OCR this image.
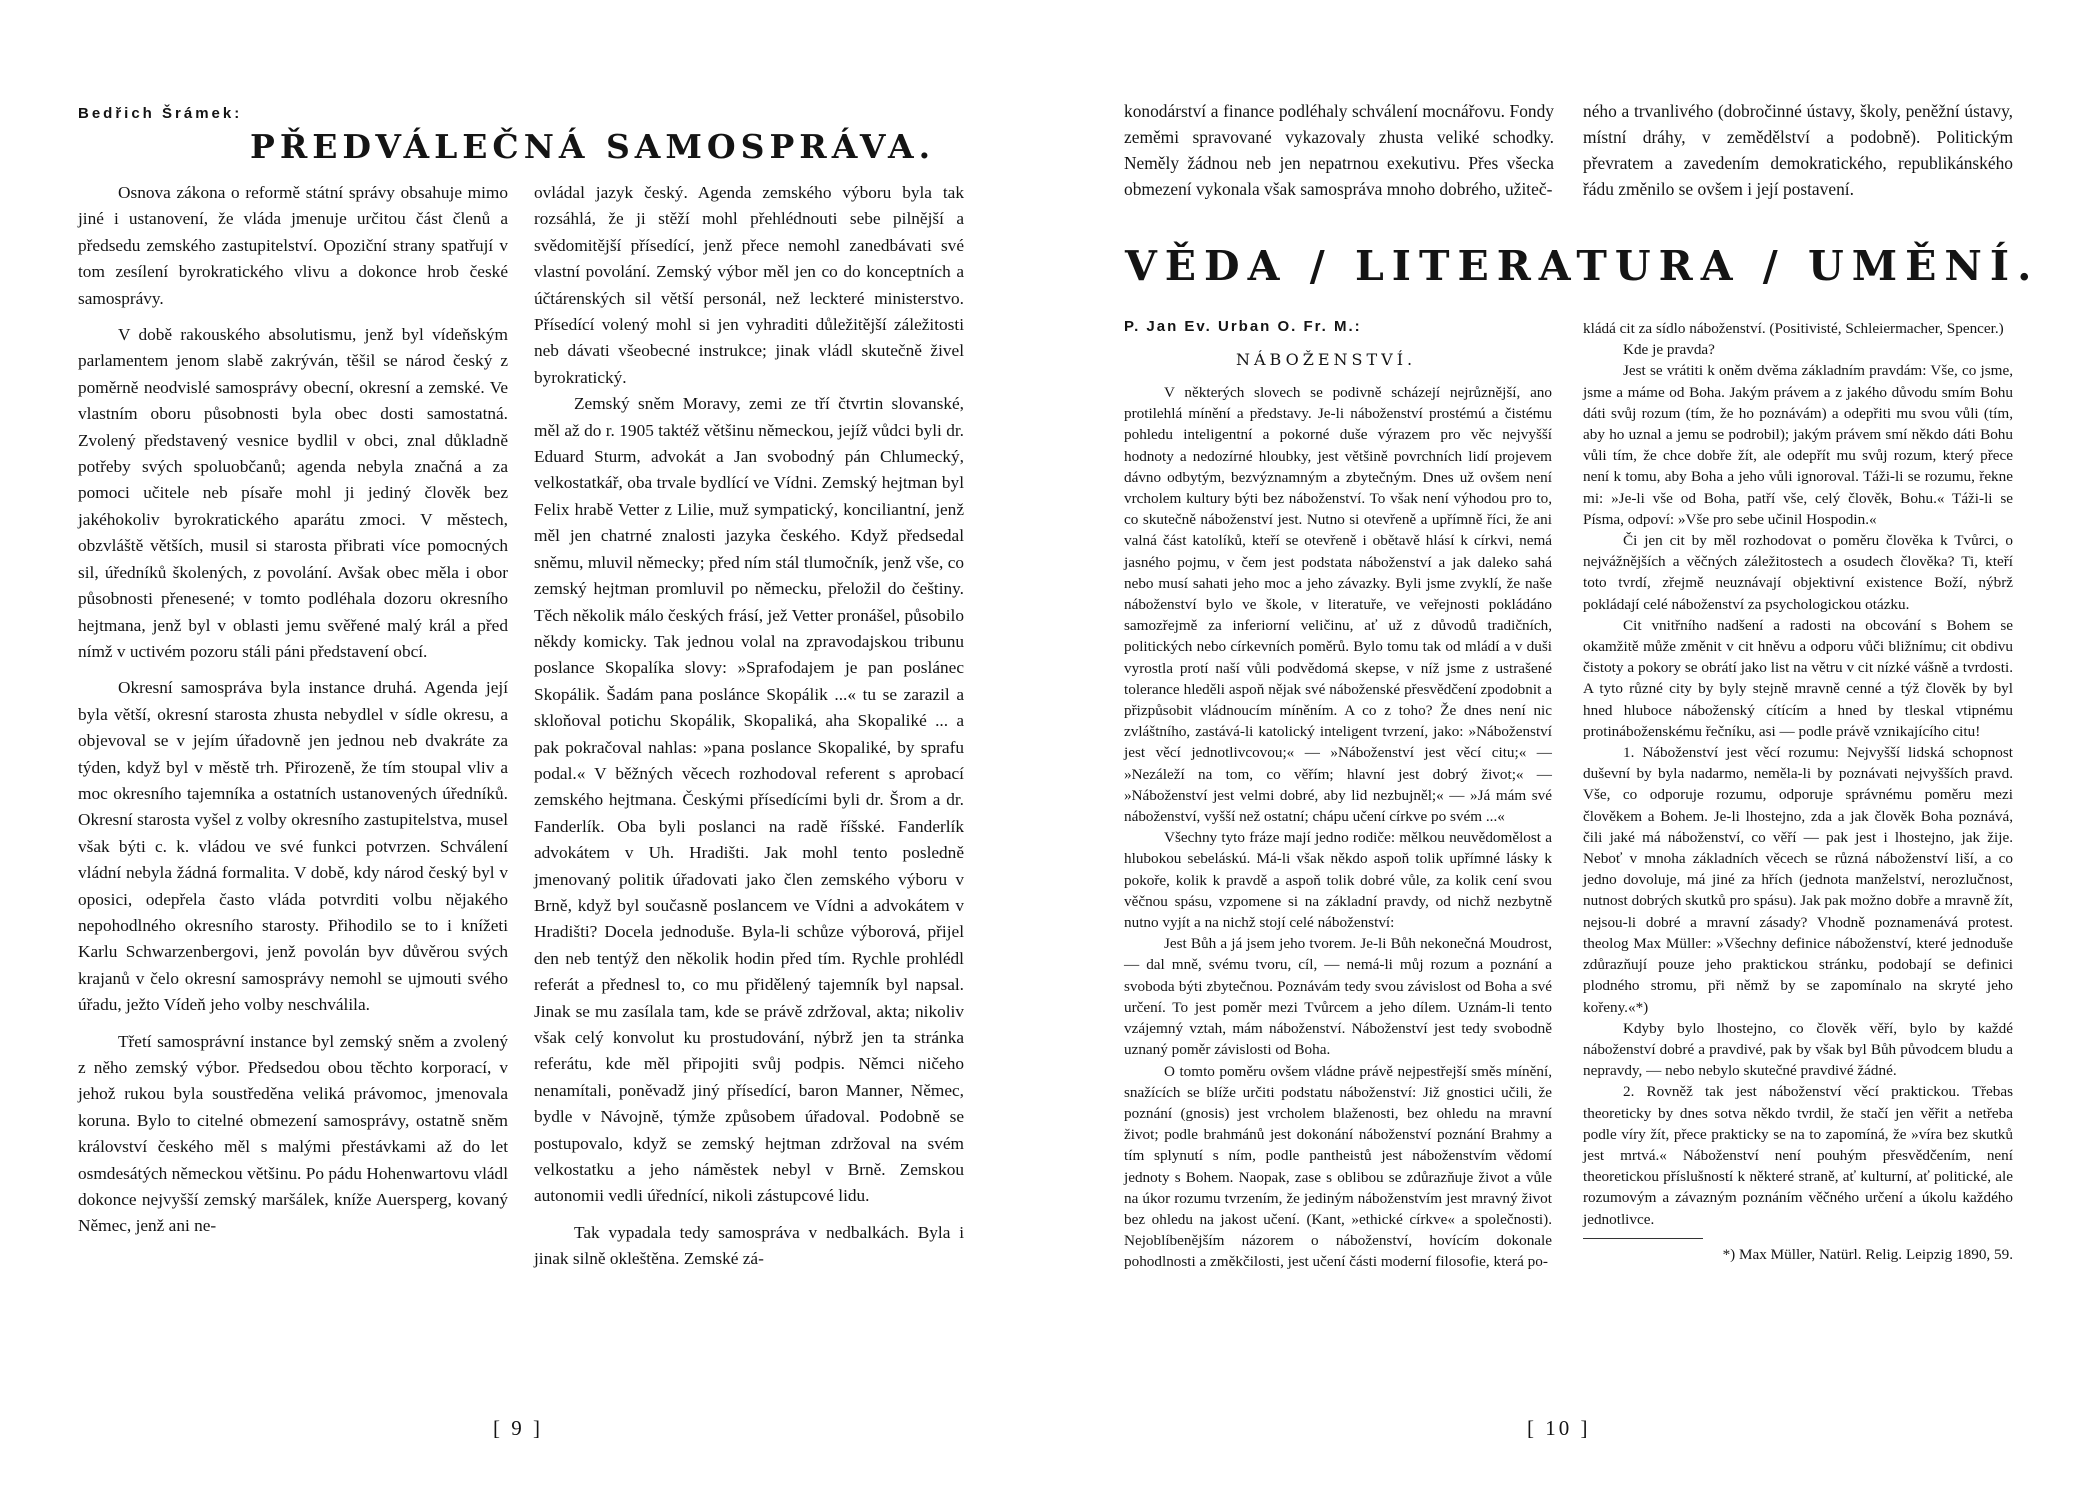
Bedřich Šrámek:
PŘEDVÁLEČNÁ SAMOSPRÁVA.

Osnova zákona o reformě státní správy obsahuje mimo jiné i ustanovení, že vláda jmenuje určitou část členů a předsedu zemského zastupitelství. Opoziční strany spatřují v tom zesílení byrokratického vlivu a dokonce hrob české samosprávy.

V době rakouského absolutismu, jenž byl vídeňským parlamentem jenom slabě zakrýván, těšil se národ český z poměrně neodvislé samosprávy obecní, okresní a zemské. Ve vlastním oboru působnosti byla obec dosti samostatná. Zvolený představený vesnice bydlil v obci, znal důkladně potřeby svých spoluobčanů; agenda nebyla značná a za pomoci učitele neb písaře mohl ji jediný člověk bez jakéhokoliv byrokratického aparátu zmoci. V městech, obzvláště větších, musil si starosta přibrati více pomocných sil, úředníků školených, z povolání. Avšak obec měla i obor působnosti přenesené; v tomto podléhala dozoru okresního hejtmana, jenž byl v oblasti jemu svěřené malý král a před nímž v uctivém pozoru stáli páni představení obcí.

Okresní samospráva byla instance druhá. Agenda její byla větší, okresní starosta zhusta nebydlel v sídle okresu, a objevoval se v jejím úřadovně jen jednou neb dvakráte za týden, když byl v městě trh. Přirozeně, že tím stoupal vliv a moc okresního tajemníka a ostatních ustanovených úředníků. Okresní starosta vyšel z volby okresního zastupitelstva, musel však býti c. k. vládou ve své funkci potvrzen. Schválení vládní nebyla žádná formalita. V době, kdy národ český byl v oposici, odepřela často vláda potvrditi volbu nějakého nepohodlného okresního starosty. Přihodilo se to i knížeti Karlu Schwarzenbergovi, jenž povolán byv důvěrou svých krajanů v čelo okresní samosprávy nemohl se ujmouti svého úřadu, ježto Vídeň jeho volby neschválila.

Třetí samosprávní instance byl zemský sněm a zvolený z něho zemský výbor. Předsedou obou těchto korporací, v jehož rukou byla soustředěna veliká právomoc, jmenovala koruna. Bylo to citelné obmezení samosprávy, ostatně sněm království českého měl s malými přestávkami až do let osmdesátých německou většinu. Po pádu Hohenwartovu vládl dokonce nejvyšší zemský maršálek, kníže Auersperg, kovaný Němec, jenž ani ne-

ovládal jazyk český. Agenda zemského výboru byla tak rozsáhlá, že ji stěží mohl přehlédnouti sebe pilnější a svědomitější přísedící, jenž přece nemohl zanedbávati své vlastní povolání. Zemský výbor měl jen co do konceptních a účtárenských sil větší personál, než leckteré ministerstvo. Přísedící volený mohl si jen vyhraditi důležitější záležitosti neb dávati všeobecné instrukce; jinak vládl skutečně živel byrokratický.

Zemský sněm Moravy, zemi ze tří čtvrtin slovanské, měl až do r. 1905 taktéž většinu německou, jejíž vůdci byli dr. Eduard Sturm, advokát a Jan svobodný pán Chlumecký, velkostatkář, oba trvale bydlící ve Vídni. Zemský hejtman byl Felix hrabě Vetter z Lilie, muž sympatický, konciliantní, jenž měl jen chatrné znalosti jazyka českého. Když předsedal sněmu, mluvil německy; před ním stál tlumočník, jenž vše, co zemský hejtman promluvil po německu, přeložil do češtiny. Těch několik málo českých frásí, jež Vetter pronášel, působilo někdy komicky. Tak jednou volal na zpravodajskou tribunu poslance Skopalíka slovy: »Sprafodajem je pan poslánec Skopálik. Šadám pana poslánce Skopálik ...« tu se zarazil a skloňoval potichu Skopálik, Skopaliká, aha Skopaliké ... a pak pokračoval nahlas: »pana poslance Skopaliké, by sprafu podal.« V běžných věcech rozhodoval referent s aprobací zemského hejtmana. Českými přísedícími byli dr. Šrom a dr. Fanderlík. Oba byli poslanci na radě říšské. Fanderlík advokátem v Uh. Hradišti. Jak mohl tento posledně jmenovaný politik úřadovati jako člen zemského výboru v Brně, když byl současně poslancem ve Vídni a advokátem v Hradišti? Docela jednoduše. Byla-li schůze výborová, přijel den neb tentýž den několik hodin před tím. Rychle prohlédl referát a přednesl to, co mu přidělený tajemník byl napsal. Jinak se mu zasílala tam, kde se právě zdržoval, akta; nikoliv však celý konvolut ku prostudování, nýbrž jen ta stránka referátu, kde měl připojiti svůj podpis. Němci ničeho nenamítali, poněvadž jiný přísedící, baron Manner, Němec, bydle v Návojně, týmže způsobem úřadoval. Podobně se postupovalo, když se zemský hejtman zdržoval na svém velkostatku a jeho náměstek nebyl v Brně. Zemskou autonomii vedli úřednící, nikoli zástupcové lidu.

Tak vypadala tedy samospráva v nedbalkách. Byla i jinak silně okleštěna. Zemské zá-

[ 9 ]

konodárství a finance podléhaly schválení mocnářovu. Fondy zeměmi spravované vykazovaly zhusta veliké schodky. Neměly žádnou neb jen nepatrnou exekutivu. Přes všecka obmezení vykonala však samospráva mnoho dobrého, užiteč-

ného a trvanlivého (dobročinné ústavy, školy, peněžní ústavy, místní dráhy, v zemědělství a podobně). Politickým převratem a zavedením demokratického, republikánského řádu změnilo se ovšem i její postavení.

VĚDA / LITERATURA / UMĚNÍ.
P. Jan Ev. Urban O. Fr. M.:
NÁBOŽENSTVÍ.

V některých slovech se podivně scházejí nejrůznější, ano protilehlá mínění a představy. Je-li náboženství prostémú a čistému pohledu inteligentní a pokorné duše výrazem pro věc nejvyšší hodnoty a nedozírné hloubky, jest většině povrchních lidí projevem dávno odbytým, bezvýznamným a zbytečným. Dnes už ovšem není vrcholem kultury býti bez náboženství. To však není výhodou pro to, co skutečně náboženství jest. Nutno si otevřeně a upřímně říci, že ani valná část katolíků, kteří se otevřeně i obětavě hlásí k církvi, nemá jasného pojmu, v čem jest podstata náboženství a jak daleko sahá nebo musí sahati jeho moc a jeho závazky. Byli jsme zvyklí, že naše náboženství bylo ve škole, v literatuře, ve veřejnosti pokládáno samozřejmě za inferiorní veličinu, ať už z důvodů tradičních, politických nebo církevních poměrů. Bylo tomu tak od mládí a v duši vyrostla protí naší vůli podvědomá skepse, v níž jsme z ustrašené tolerance hleděli aspoň nějak své náboženské přesvědčení zpodobnit a přizpůsobit vládnoucím míněním. A co z toho? Že dnes není nic zvláštního, zastává-li katolický inteligent tvrzení, jako: »Náboženství jest věcí jednotlivcovou;« — »Náboženství jest věcí citu;« — »Nezáleží na tom, co věřím; hlavní jest dobrý život;« — »Náboženství jest velmi dobré, aby lid nezbujněl;« — »Já mám své náboženství, vyšší než ostatní; chápu učení církve po svém ...«

Všechny tyto fráze mají jedno rodiče: mělkou neuvědomělost a hlubokou sebeláskú. Má-li však někdo aspoň tolik upřímné lásky k pokoře, kolik k pravdě a aspoň tolik dobré vůle, za kolik cení svou věčnou spásu, vzpomene si na základní pravdy, od nichž nezbytně nutno vyjít a na nichž stojí celé náboženství:

Jest Bůh a já jsem jeho tvorem. Je-li Bůh nekonečná Moudrost, — dal mně, svému tvoru, cíl, — nemá-li můj rozum a poznání a svoboda býti zbytečnou. Poznávám tedy svou závislost od Boha a své určení. To jest poměr mezi Tvůrcem a jeho dílem. Uznám-li tento vzájemný vztah, mám náboženství. Náboženství jest tedy svobodně uznaný poměr závislosti od Boha.

O tomto poměru ovšem vládne právě nejpestřejší směs mínění, snažících se blíže určiti podstatu náboženství: Již gnostici učili, že poznání (gnosis) jest vrcholem blaženosti, bez ohledu na mravní život; podle brahmánů jest dokonání náboženství poznání Brahmy a tím splynutí s ním, podle pantheistů jest náboženstvím vědomí jednoty s Bohem. Naopak, zase s oblibou se zdůrazňuje život a vůle na úkor rozumu tvrzením, že jediným náboženstvím jest mravný život bez ohledu na jakost učení. (Kant, »ethické církve« a společnosti). Nejoblíbenějším názorem o náboženství, hovícím dokonale pohodlnosti a změkčilosti, jest učení části moderní filosofie, která po-

kládá cit za sídlo náboženství. (Positivisté, Schleiermacher, Spencer.)

Kde je pravda?

Jest se vrátiti k oněm dvěma základním pravdám: Vše, co jsme, jsme a máme od Boha. Jakým právem a z jakého důvodu smím Bohu dáti svůj rozum (tím, že ho poznávám) a odepřiti mu svou vůli (tím, aby ho uznal a jemu se podrobil); jakým právem smí někdo dáti Bohu vůli tím, že chce dobře žít, ale odepřít mu svůj rozum, který přece není k tomu, aby Boha a jeho vůli ignoroval. Táži-li se rozumu, řekne mi: »Je-li vše od Boha, patří vše, celý člověk, Bohu.« Táži-li se Písma, odpoví: »Vše pro sebe učinil Hospodin.«

Či jen cit by měl rozhodovat o poměru člověka k Tvůrci, o nejvážnějších a věčných záležitostech a osudech člověka? Ti, kteří toto tvrdí, zřejmě neuznávají objektivní existence Boží, nýbrž pokládají celé náboženství za psychologickou otázku.

Cit vnitřního nadšení a radosti na obcování s Bohem se okamžitě může změnit v cit hněvu a odporu vůči bližnímu; cit obdivu čistoty a pokory se obrátí jako list na větru v cit nízké vášně a tvrdosti. A tyto různé city by byly stejně mravně cenné a týž člověk by byl hned hluboce náboženský cítícím a hned by tleskal vtipnému protináboženskému řečníku, asi — podle právě vznikajícího citu!

1. Náboženství jest věcí rozumu: Nejvyšší lidská schopnost duševní by byla nadarmo, neměla-li by poznávati nejvyšších pravd. Vše, co odporuje rozumu, odporuje správnému poměru mezi člověkem a Bohem. Je-li lhostejno, zda a jak člověk Boha poznává, čili jaké má náboženství, co věří — pak jest i lhostejno, jak žije. Neboť v mnoha základních věcech se různá náboženství liší, a co jedno dovoluje, má jiné za hřích (jednota manželství, nerozlučnost, nutnost dobrých skutků pro spásu). Jak pak možno dobře a mravně žít, nejsou-li dobré a mravní zásady? Vhodně poznamenává protest. theolog Max Müller: »Všechny definice náboženství, které jednoduše zdůrazňují pouze jeho praktickou stránku, podobají se definici plodného stromu, při němž by se zapomínalo na skryté jeho kořeny.«*)

Kdyby bylo lhostejno, co člověk věří, bylo by každé náboženství dobré a pravdivé, pak by však byl Bůh původcem bludu a nepravdy, — nebo nebylo skutečné pravdivé žádné.

2. Rovněž tak jest náboženství věcí praktickou. Třebas theoreticky by dnes sotva někdo tvrdil, že stačí jen věřit a netřeba podle víry žít, přece prakticky se na to zapomíná, že »víra bez skutků jest mrtvá.« Náboženství není pouhým přesvědčením, není theoretickou příslušností k některé straně, ať kulturní, ať politické, ale rozumovým a závazným poznáním věčného určení a úkolu každého jednotlivce.

*) Max Müller, Natürl. Relig. Leipzig 1890, 59.

[ 10 ]
